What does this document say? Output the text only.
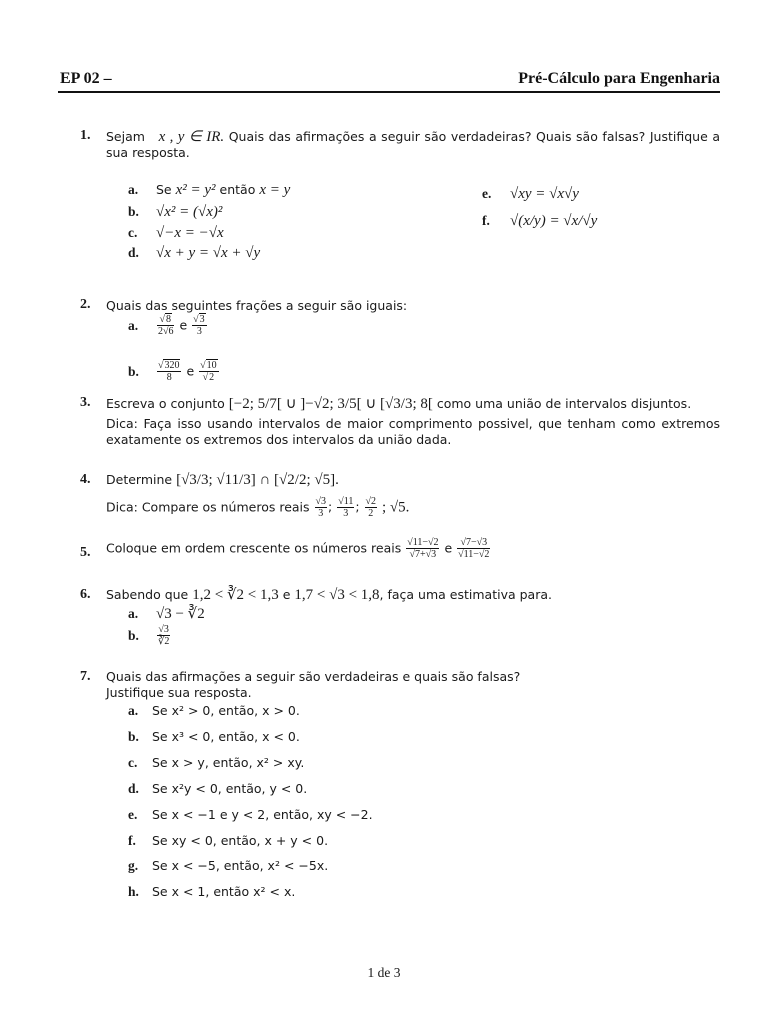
EP 02 –	Pré-Cálculo para Engenharia
1. Sejam x , y ∈ IR. Quais das afirmações a seguir são verdadeiras? Quais são falsas? Justifique a sua resposta.
a. Se x² = y² então x = y
b. √x² = (√x)²
c. √−x = −√x
d. √x + y = √x + √y
e. √xy = √x√y
f. √(x/y) = √x/√y
2. Quais das seguintes frações a seguir são iguais:
a. $\frac{√8}{2√6}$ e $\frac{√3}{3}$
b. $\frac{√320}{8}$ e $\frac{√10}{√2}$
3. Escreva o conjunto [−2; 5/7[ ∪ ]−√2; 3/5[ ∪ [√3/3; 8[ como uma união de intervalos disjuntos.
Dica: Faça isso usando intervalos de maior comprimento possivel, que tenham como extremos exatamente os extremos dos intervalos da união dada.
4. Determine [√3/3; √11/3] ∩ [√2/2; √5].
Dica: Compare os números reais $\frac{√3}{3}$ ; $\frac{√11}{3}$ ; $\frac{√2}{2}$ ; √5.
5. Coloque em ordem crescente os números reais $\frac{√11-√2}{√7+√3}$ e $\frac{√7-√3}{√11-√2}$
6. Sabendo que 1,2 < ∛2 < 1,3 e 1,7 < √3 < 1,8, faça uma estimativa para.
a. √3 − ∛2
b. $\frac{√3}{∛2}$
7. Quais das afirmações a seguir são verdadeiras e quais são falsas?
Justifique sua resposta.
a. Se x² > 0, então, x > 0.
b. Se x³ < 0, então, x < 0.
c. Se x > y, então, x² > xy.
d. Se x²y < 0, então, y < 0.
e. Se x < −1 e y < 2, então, xy < −2.
f. Se xy < 0, então, x + y < 0.
g. Se x < −5, então, x² < −5x.
h. Se x < 1, então x² < x.
1 de 3
